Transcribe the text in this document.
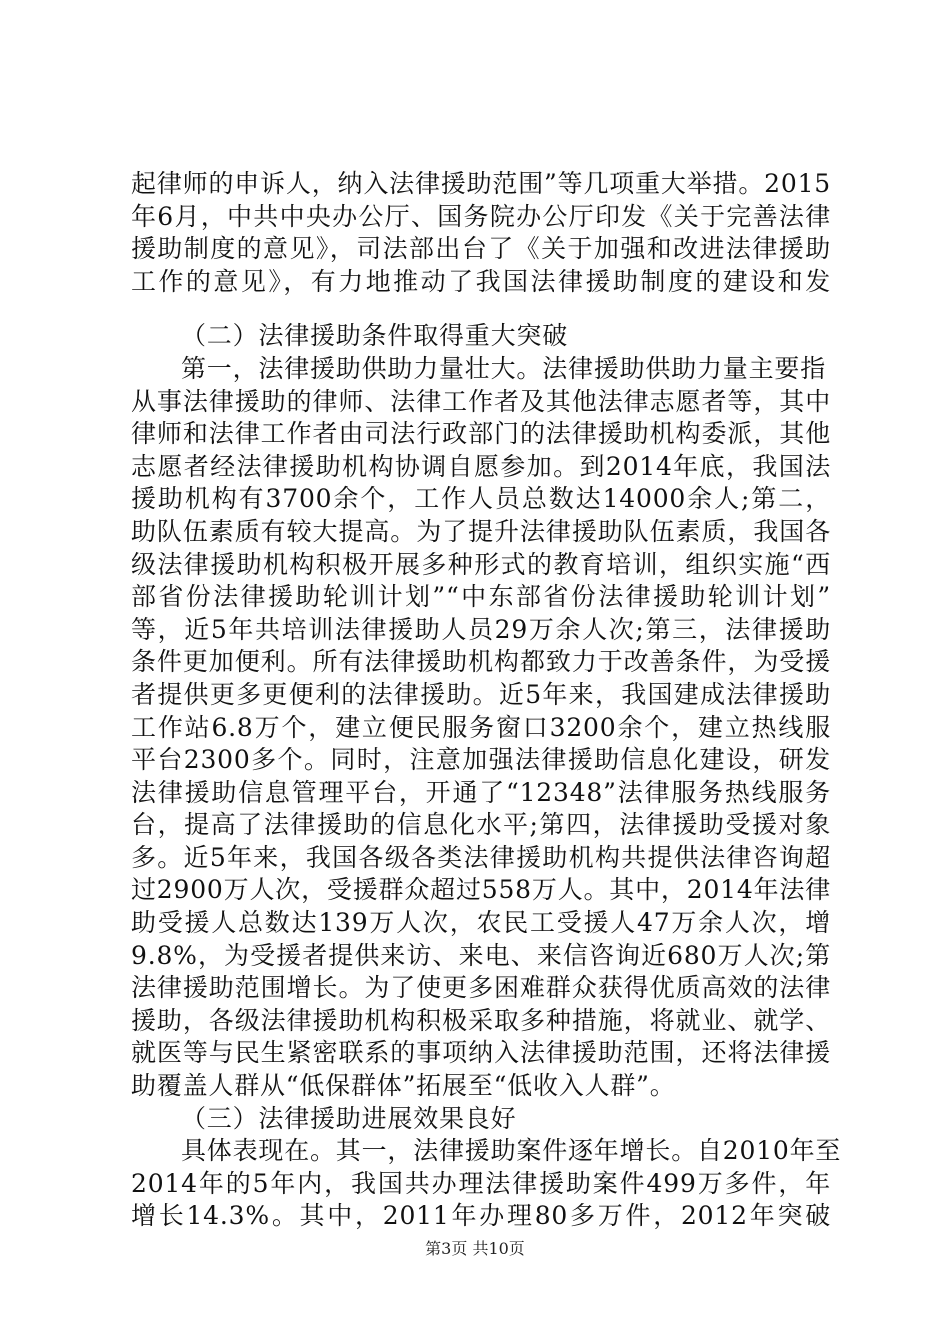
起律师的申诉人，纳入法律援助范围”等几项重大举措。2015
年6月，中共中央办公厅、国务院办公厅印发《关于完善法律
援助制度的意见》，司法部出台了《关于加强和改进法律援助
工作的意见》，有力地推动了我国法律援助制度的建设和发
（二）法律援助条件取得重大突破
第一，法律援助供助力量壮大。法律援助供助力量主要指
从事法律援助的律师、法律工作者及其他法律志愿者等，其中
律师和法律工作者由司法行政部门的法律援助机构委派，其他
志愿者经法律援助机构协调自愿参加。到2014年底，我国法
援助机构有3700余个，工作人员总数达14000余人;第二，
助队伍素质有较大提高。为了提升法律援助队伍素质，我国各
级法律援助机构积极开展多种形式的教育培训，组织实施“西
部省份法律援助轮训计划”“中东部省份法律援助轮训计划”
等，近5年共培训法律援助人员29万余人次;第三，法律援助
条件更加便利。所有法律援助机构都致力于改善条件，为受援
者提供更多更便利的法律援助。近5年来，我国建成法律援助
工作站6.8万个，建立便民服务窗口3200余个，建立热线服
平台2300多个。同时，注意加强法律援助信息化建设，研发
法律援助信息管理平台，开通了“12348”法律服务热线服务
台，提高了法律援助的信息化水平;第四，法律援助受援对象
多。近5年来，我国各级各类法律援助机构共提供法律咨询超
过2900万人次，受援群众超过558万人。其中，2014年法律
助受援人总数达139万人次，农民工受援人47万余人次，增
9.8%，为受援者提供来访、来电、来信咨询近680万人次;第
法律援助范围增长。为了使更多困难群众获得优质高效的法律
援助，各级法律援助机构积极采取多种措施，将就业、就学、
就医等与民生紧密联系的事项纳入法律援助范围，还将法律援
助覆盖人群从“低保群体”拓展至“低收入人群”。
（三）法律援助进展效果良好
具体表现在。其一，法律援助案件逐年增长。自2010年至
2014年的5年内，我国共办理法律援助案件499万多件，年
增长14.3%。其中，2011年办理80多万件，2012年突破
第3页 共10页
